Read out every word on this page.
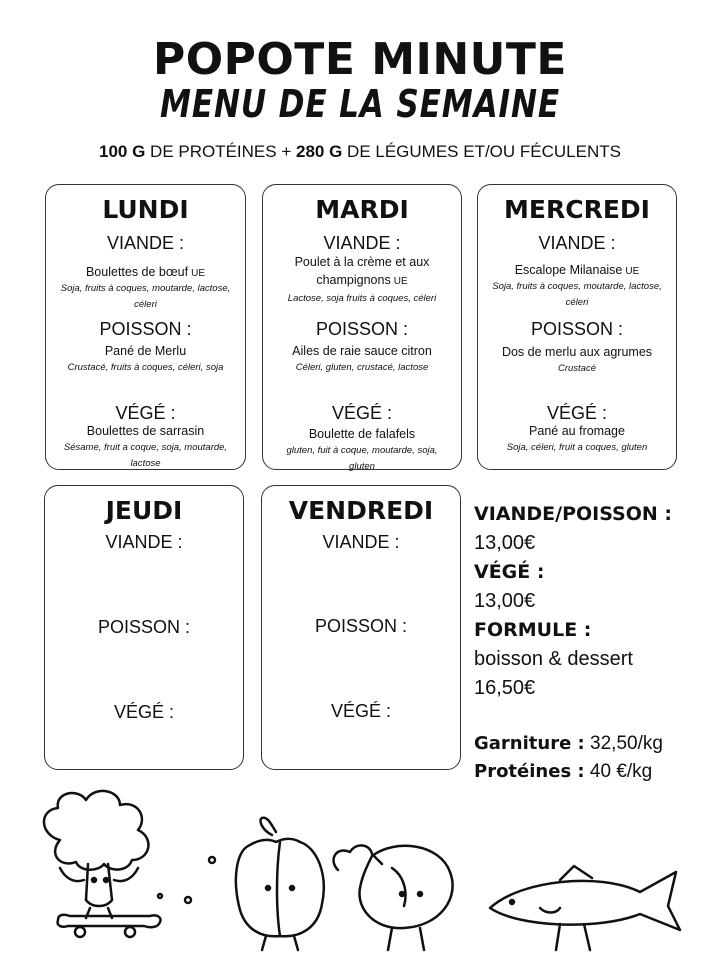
POPOTE MINUTE
MENU DE LA SEMAINE
100 G DE PROTÉINES + 280 G DE LÉGUMES ET/OU FÉCULENTS
LUNDI
VIANDE :
Boulettes de bœuf UE
Soja, fruits à coques, moutarde, lactose, céleri
POISSON :
Pané de Merlu
Crustacé, fruits à coques, céleri, soja
VÉGÉ :
Boulettes de sarrasin
Sésame, fruit a coque, soja, moutarde, lactose
MARDI
VIANDE :
Poulet à la crème et aux champignons UE
Lactose, soja fruits à coques, céleri
POISSON :
Ailes de raie sauce citron
Céleri, gluten, crustacé, lactose
VÉGÉ :
Boulette de falafels
gluten, fuit à coque, moutarde, soja, gluten
MERCREDI
VIANDE :
Escalope Milanaise UE
Soja, fruits à coques, moutarde, lactose, céleri
POISSON :
Dos de merlu aux agrumes
Crustacé
VÉGÉ :
Pané au fromage
Soja, céleri, fruit a coques, gluten
JEUDI
VIANDE :
POISSON :
VÉGÉ :
VENDREDI
VIANDE :
POISSON :
VÉGÉ :
VIANDE/POISSON :
13,00€
VÉGÉ :
13,00€
FORMULE :
boisson & dessert
16,50€
Garniture : 32,50/kg
Protéines : 40 €/kg
